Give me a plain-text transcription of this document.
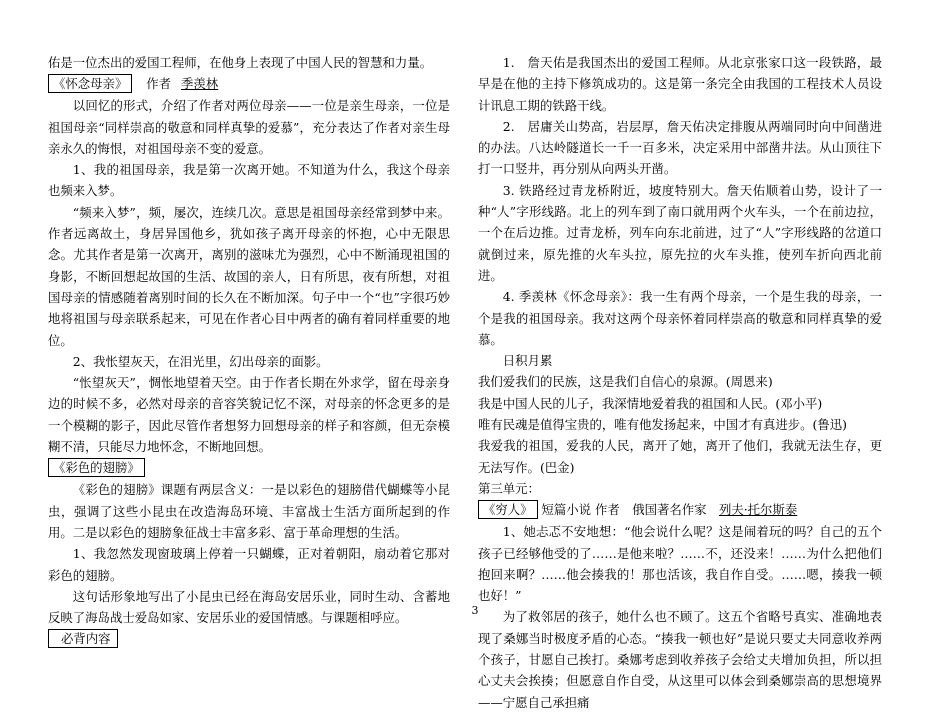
佑是一位杰出的爱国工程师，在他身上表现了中国人民的智慧和力量。

《怀念母亲》 作者 季羡林

以回忆的形式，介绍了作者对两位母亲——一位是亲生母亲，一位是祖国母亲“同样崇高的敬意和同样真挚的爱慕”，充分表达了作者对亲生母亲永久的悔恨，对祖国母亲不变的爱意。

1、我的祖国母亲，我是第一次离开她。不知道为什么，我这个母亲也频来入梦。

“频来入梦”，频，屡次，连续几次。意思是祖国母亲经常到梦中来。作者远离故土，身居异国他乡，犹如孩子离开母亲的怀抱，心中无限思念。尤其作者是第一次离开，离别的滋味尤为强烈，心中不断涌现祖国的身影，不断回想起故国的生活、故国的亲人，日有所思，夜有所想，对祖国母亲的情感随着离别时间的长久在不断加深。句子中一个“也”字很巧妙地将祖国与母亲联系起来，可见在作者心目中两者的确有着同样重要的地位。

2、我怅望灰天，在泪光里，幻出母亲的面影。

“怅望灰天”，惆怅地望着天空。由于作者长期在外求学，留在母亲身边的时候不多，必然对母亲的音容笑貌记忆不深，对母亲的怀念更多的是一个模糊的影子，因此尽管作者想努力回想母亲的样子和容颜，但无奈模糊不清，只能尽力地怀念，不断地回想。

《彩色的翅膀》

《彩色的翅膀》课题有两层含义：一是以彩色的翅膀借代蝴蝶等小昆虫，强调了这些小昆虫在改造海岛环境、丰富战士生活方面所起到的作用。二是以彩色的翅膀象征战士丰富多彩、富于革命理想的生活。

1、我忽然发现窗玻璃上停着一只蝴蝶，正对着朝阳，扇动着它那对彩色的翅膀。

这句话形象地写出了小昆虫已经在海岛安居乐业，同时生动、含蓄地反映了海岛战士爱岛如家、安居乐业的爱国情感。与课题相呼应。

必背内容

1.　詹天佑是我国杰出的爱国工程师。从北京张家口这一段铁路，最早是在他的主持下修筑成功的。这是第一条完全由我国的工程技术人员设计讯息工期的铁路干线。

2.　居庸关山势高，岩层厚，詹天佑决定排腹从两端同时向中间凿进的办法。八达岭隧道长一千一百多米，决定采用中部凿井法。从山顶往下打一口竖井，再分别从向两头开凿。

3. 铁路经过青龙桥附近，坡度特别大。詹天佑顺着山势，设计了一种“人”字形线路。北上的列车到了南口就用两个火车头，一个在前边拉，一个在后边推。过青龙桥，列车向东北前进，过了“人”字形线路的岔道口就倒过来，原先推的火车头拉，原先拉的火车头推，使列车折向西北前进。

4. 季羡林《怀念母亲》：我一生有两个母亲，一个是生我的母亲，一个是我的祖国母亲。我对这两个母亲怀着同样崇高的敬意和同样真挚的爱慕。

日积月累

我们爱我们的民族，这是我们自信心的泉源。(周恩来)

我是中国人民的儿子，我深情地爱着我的祖国和人民。(邓小平)

唯有民魂是值得宝贵的，唯有他发扬起来，中国才有真进步。(鲁迅)

我爱我的祖国，爱我的人民，离开了她，离开了他们，我就无法生存，更无法写作。(巴金)

第三单元：

《穷人》 短篇小说 作者　俄国著名作家　列夫·托尔斯泰

1、她忐忑不安地想：“他会说什么呢？这是闹着玩的吗？自己的五个孩子已经够他受的了……是他来啦？……不，还没来！……为什么把他们抱回来啊？……他会揍我的！那也活该，我自作自受。……嗯，揍我一顿也好！”

为了救邻居的孩子，她什么也不顾了。这五个省略号真实、准确地表现了桑娜当时极度矛盾的心态。“揍我一顿也好”是说只要丈夫同意收养两个孩子，甘愿自己挨打。桑娜考虑到收养孩子会给丈夫增加负担，所以担心丈夫会挨揍；但愿意自作自受，从这里可以体会到桑娜崇高的思想境界——宁愿自己承担痛

3
